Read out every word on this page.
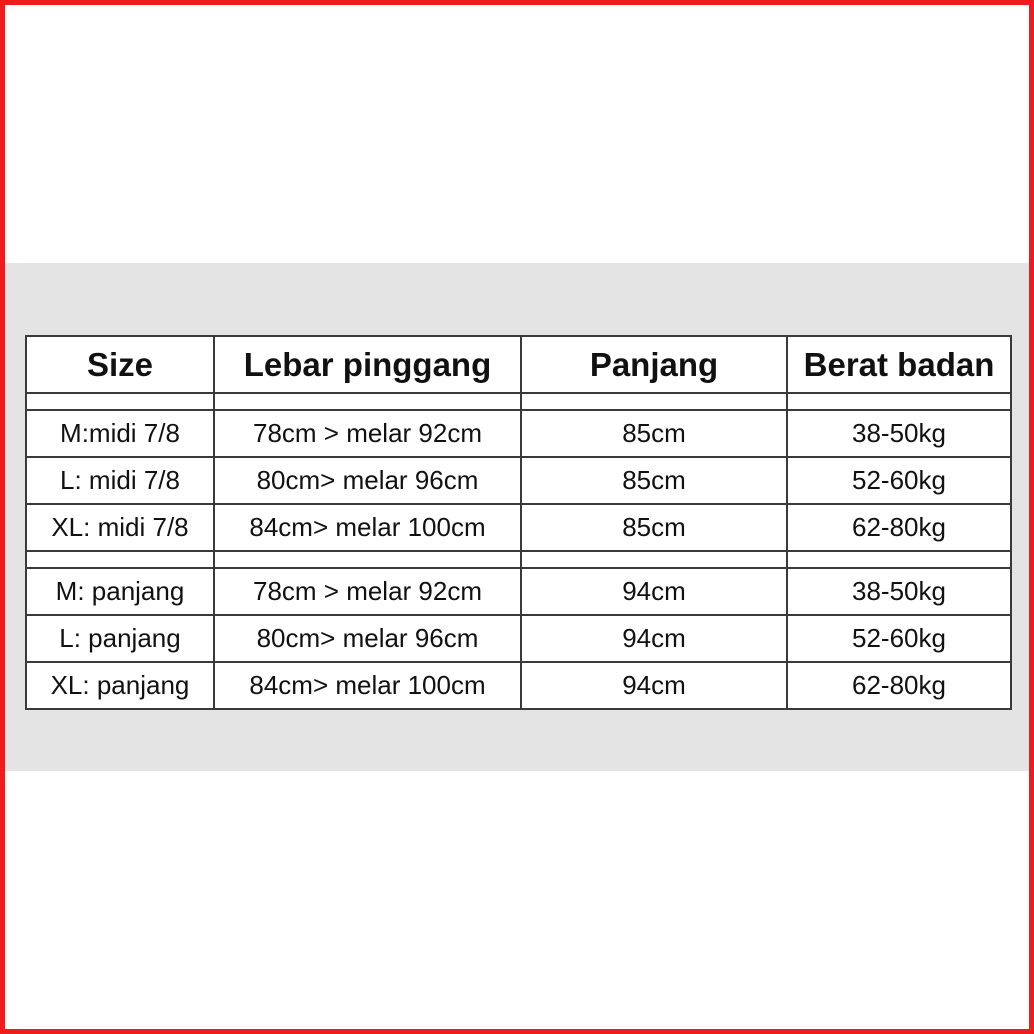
Size	Lebar pinggang	Panjang	Berat badan

M:midi 7/8	78cm > melar 92cm	85cm	38-50kg
L: midi 7/8	80cm> melar 96cm	85cm	52-60kg
XL: midi 7/8	84cm> melar 100cm	85cm	62-80kg

M: panjang	78cm > melar 92cm	94cm	38-50kg
L: panjang	80cm> melar 96cm	94cm	52-60kg
XL: panjang	84cm> melar 100cm	94cm	62-80kg
